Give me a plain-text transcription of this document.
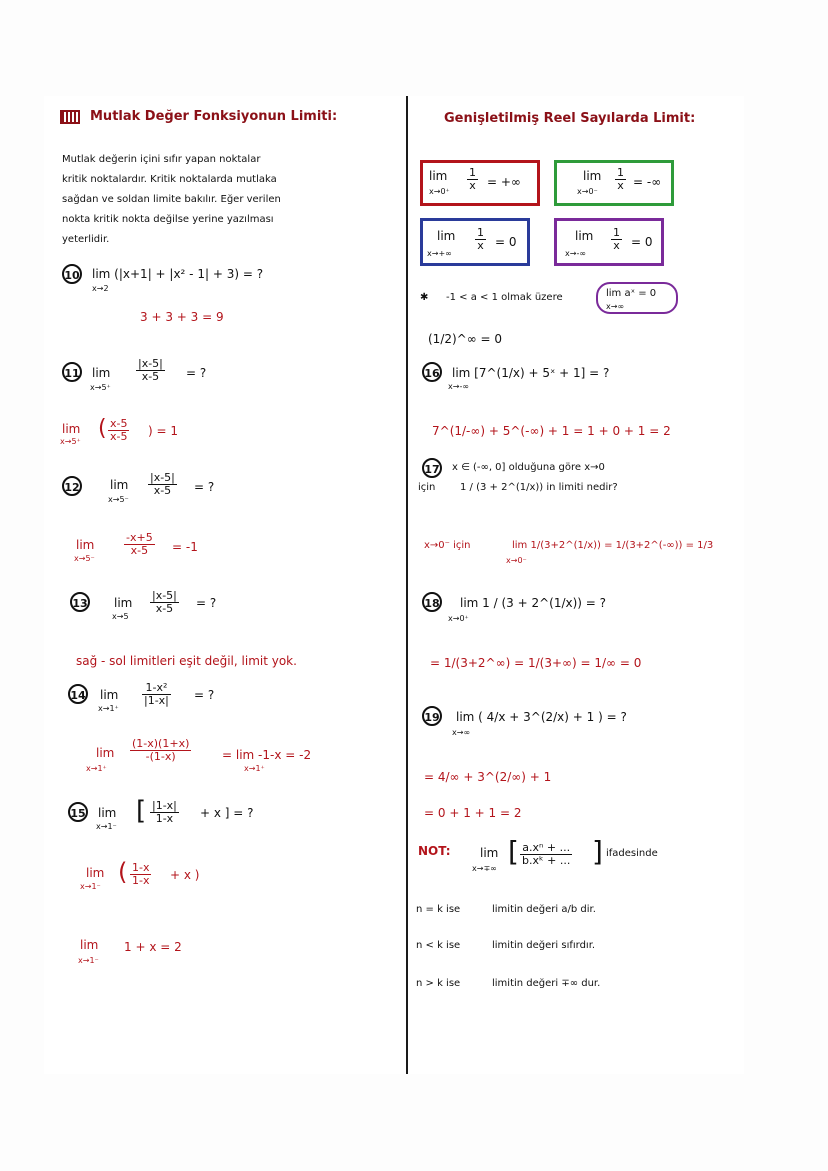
Mutlak Değer Fonksiyonun Limiti:
Mutlak değerin içini sıfır yapan noktalar
kritik noktalardır. Kritik noktalarda mutlaka
sağdan ve soldan limite bakılır. Eğer verilen
nokta kritik nokta değilse yerine yazılması
yeterlidir.
10 lim (|x+1| + |x² - 1| + 3) = ?
x→2
3 + 3 + 3 = 9
11 lim
x→5⁺
$\frac{|x-5|}{x-5}$ = ?
lim
x→5⁺
( $\frac{x-5}{x-5}$ ) = 1
12	lim
x→5⁻
$\frac{|x-5|}{x-5}$ = ?
lim
x→5⁻
$\frac{-x+5}{x-5} = -1$
13 lim
x→5
$\frac{|x-5|}{x-5}$ = ?
sağ - sol limitleri eşit değil, limit yok.
14 lim
x→1⁺
$\frac{\text{1-x²}}{|1-x|}$ = ?
lim
x→1⁺
$\frac{(1-x)(1+x)}{-(1-x)}$	= lim -1-x = -2
x→1⁺
15 lim
x→1⁻
[ $\frac{|1-x|}{1-x} + x$ ] = ?
lim
x→1⁻
( $\frac{1-x}{1-x} + x$ )
lim
x→1⁻
1 + x = 2
Genişletilmiş Reel Sayılarda Limit:
lim
$x\to 0^+ \frac{1}{x}$ = +∞	lim
$x\to 0^- \frac{1}{x}$ = -∞
lim
x→+∞
$\frac{1}{x} = 0$	lim
x→-∞
$\frac{1}{x} = 0$
✱ -1 < a < 1 olmak üzere	lim aˣ = 0
x→∞
(1/2)^∞ = 0
16 lim [7^(1/x) + 5ˣ + 1] = ?
x→-∞
7^(1/-∞) + 5^(-∞) + 1 = 1 + 0 + 1 = 2
17 x ∈ (-∞, 0] olduğuna göre x→0
için 1 / (3 + 2^(1/x)) in limiti nedir?
x→0⁻ için	lim 1/(3+2^(1/x)) = 1/(3+2^(-∞)) = 1/3
x→0⁻
18 lim 1 / (3 + 2^(1/x)) = ?
x→0⁺
= 1/(3+2^∞) = 1/(3+∞) = 1/∞ = 0
19 lim ( 4/x + 3^(2/x) + 1 ) = ?
x→∞
= 4/∞ + 3^(2/∞) + 1
= 0 + 1 + 1 = 2
NOT: lim
x→∓∞
[ $\frac{\text{a.xⁿ + ...}}{\text{b.xᵏ + ...}}$ ] ifadesinde
n = k ise	limitin değeri a/b dir.
n < k ise	limitin değeri sıfırdır.
n > k ise	limitin değeri ∓∞ dur.
